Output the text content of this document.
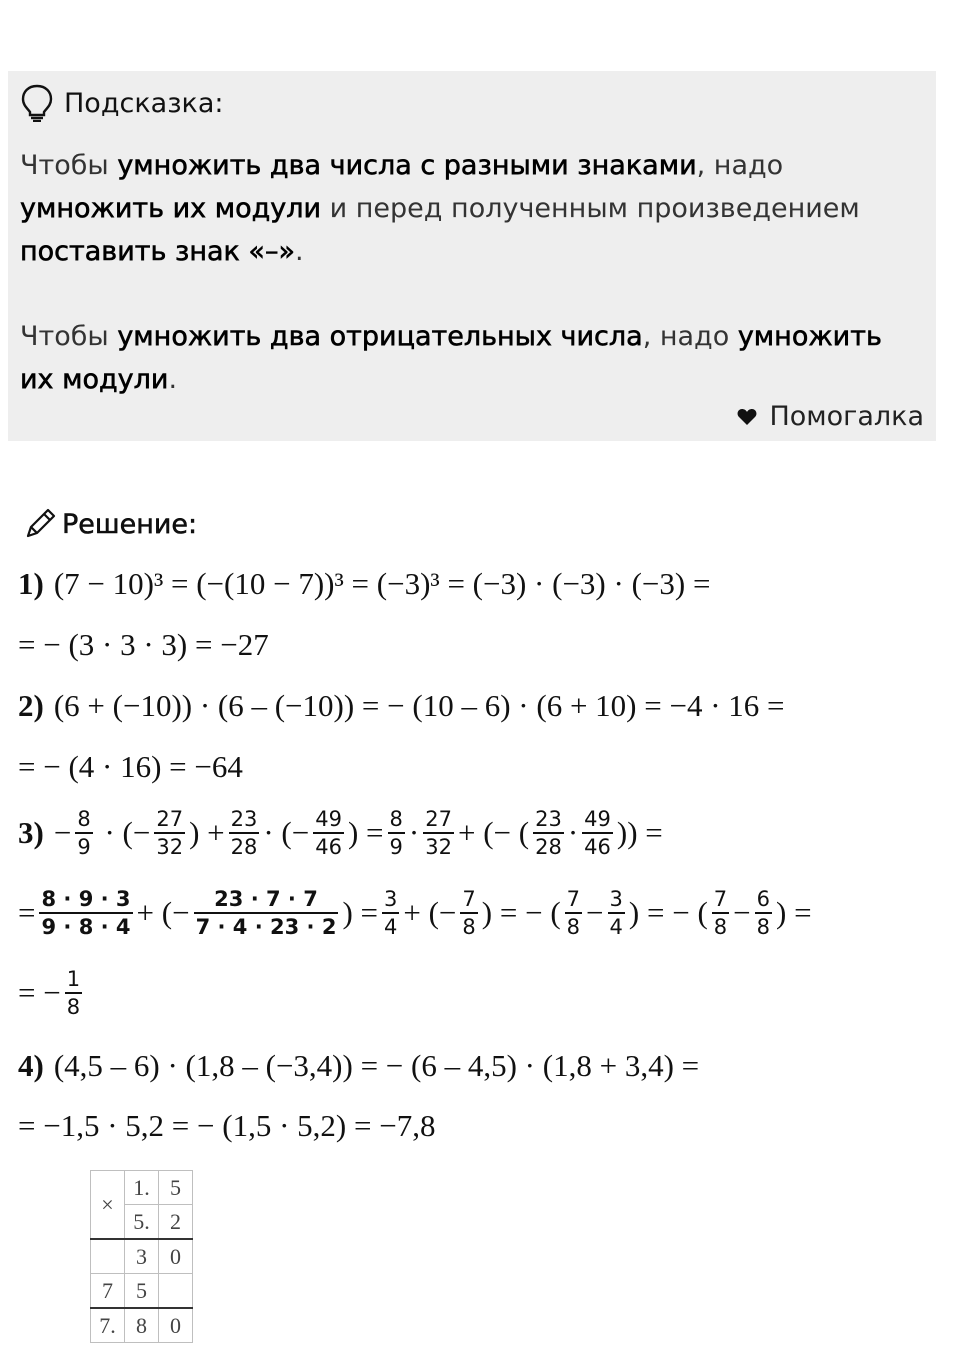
Подсказка:
Чтобы умножить два числа с разными знаками, надо
умножить их модули и перед полученным произведением
поставить знак «–».
Чтобы умножить два отрицательных числа, надо умножить их модули.
Помогалка
Решение:
1) (7 − 10)³ = (−(10 − 7))³ = (−3)³ = (−3) · (−3) · (−3) =
= − (3 · 3 · 3) = −27
2) (6 + (−10)) · (6 – (−10)) = − (10 – 6) · (6 + 10) = −4 · 16 =
= − (4 · 16) = −64
$3) - \frac{8}{9}$ · (− $\frac{27}{32}$ ) + $\frac{23}{28}$ · (− $\frac{49}{46}$ ) = $\frac{8}{9} \cdot \frac{27}{32}$ + (− ( $\frac{23}{28} \cdot \frac{49}{46}$ )) =
= $\frac{8 \cdot 9 \cdot 3}{9 \cdot 8 \cdot 4}$ + (− $\frac{23 \cdot 7 \cdot 7}{7 \cdot 4 \cdot 23 \cdot 2}$ ) = $\frac{3}{4}$ + (− $\frac{7}{8}$ ) = − ( $\frac{7}{8} - \frac{3}{4}$ ) = − ( $\frac{7}{8} - \frac{6}{8}$ ) =
= − $\frac{1}{8}$
4) (4,5 – 6) · (1,8 – (−3,4)) = − (6 – 4,5) · (1,8 + 3,4) =
= −1,5 · 5,2 = − (1,5 · 5,2) = −7,8
×	1.	5
	5.	2
	3	0
7	5	
7.	8	0
